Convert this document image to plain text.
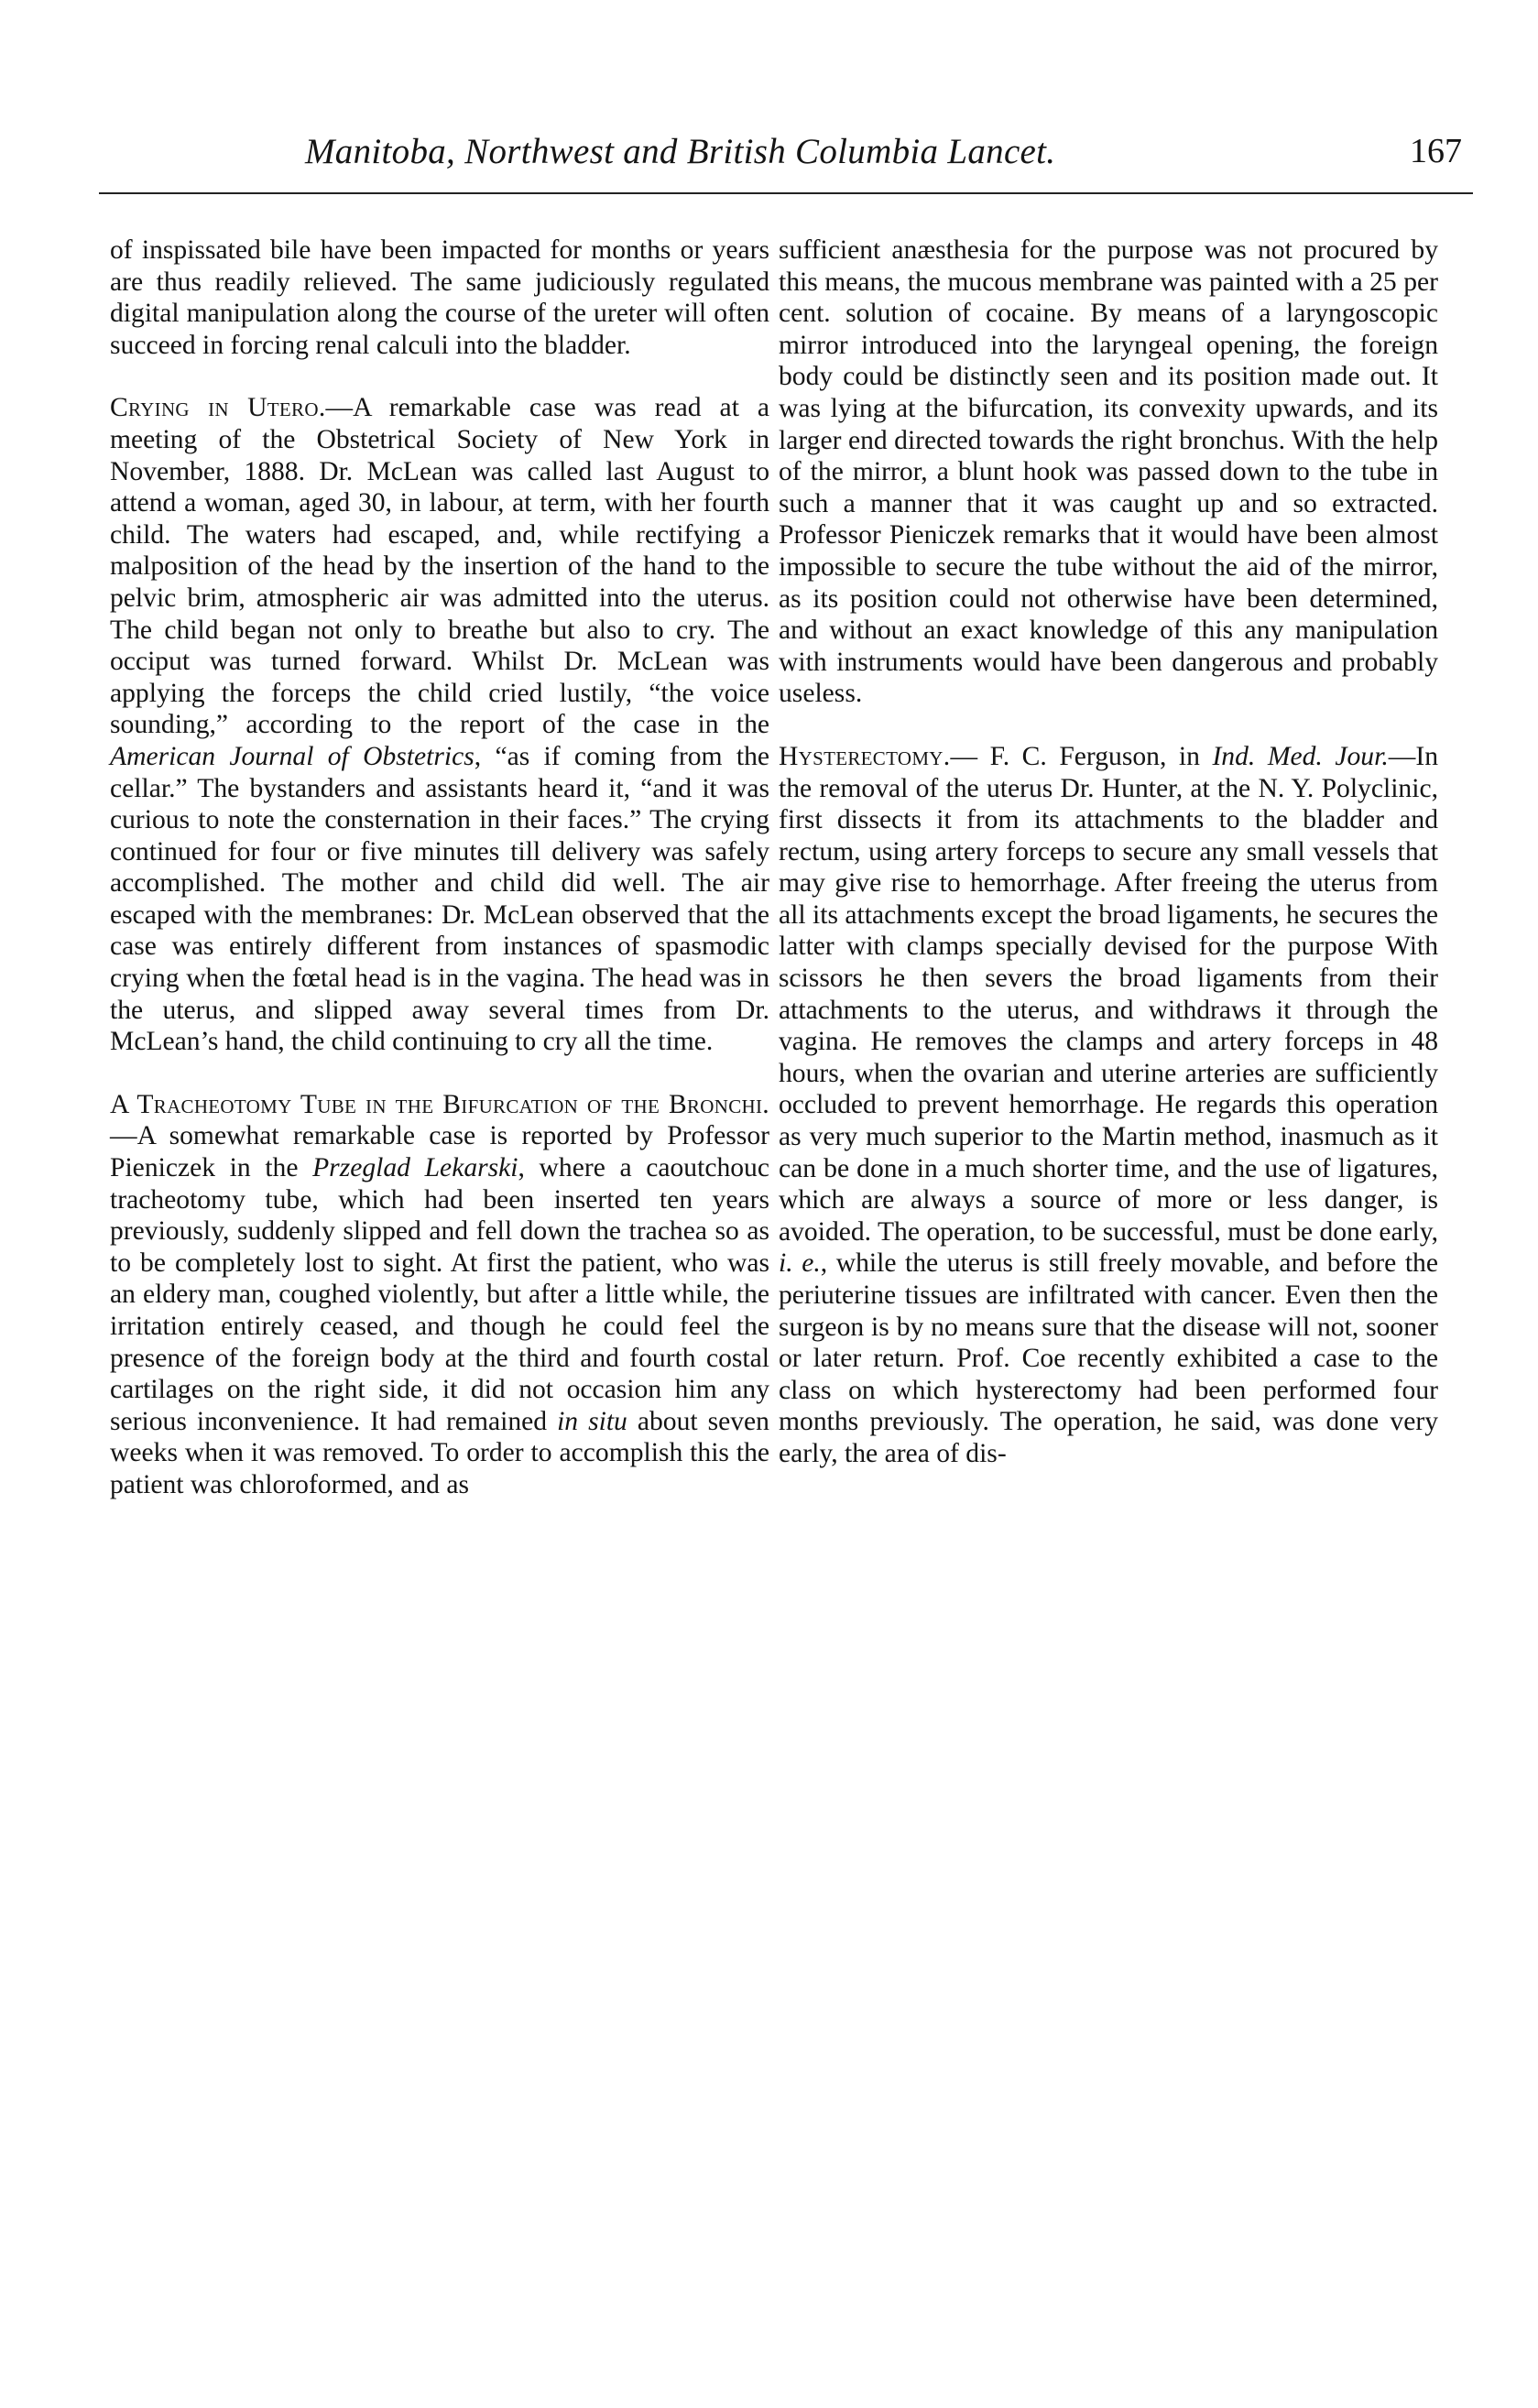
Manitoba, Northwest and British Columbia Lancet.	167

of inspissated bile have been impacted for months or years are thus readily relieved. The same judiciously regulated digital manipulation along the course of the ureter will often succeed in forcing renal calculi into the bladder.

Crying in Utero.—A remarkable case was read at a meeting of the Obstetrical Society of New York in November, 1888. Dr. McLean was called last August to attend a woman, aged 30, in labour, at term, with her fourth child. The waters had escaped, and, while rectifying a malposition of the head by the insertion of the hand to the pelvic brim, atmospheric air was admitted into the uterus. The child began not only to breathe but also to cry. The occiput was turned forward. Whilst Dr. McLean was applying the forceps the child cried lustily, “the voice sounding,” according to the report of the case in the American Journal of Obstetrics, “as if coming from the cellar.” The bystanders and assistants heard it, “and it was curious to note the consternation in their faces.” The crying continued for four or five minutes till delivery was safely accomplished. The mother and child did well. The air escaped with the membranes: Dr. McLean observed that the case was entirely different from instances of spasmodic crying when the fœtal head is in the vagina. The head was in the uterus, and slipped away several times from Dr. McLean’s hand, the child continuing to cry all the time.

A Tracheotomy Tube in the Bifurcation of the Bronchi.—A somewhat remarkable case is reported by Professor Pieniczek in the Przeglad Lekarski, where a caoutchouc tracheotomy tube, which had been inserted ten years previously, suddenly slipped and fell down the trachea so as to be completely lost to sight. At first the patient, who was an eldery man, coughed violently, but after a little while, the irritation entirely ceased, and though he could feel the presence of the foreign body at the third and fourth costal cartilages on the right side, it did not occasion him any serious inconvenience. It had remained in situ about seven weeks when it was removed. To order to accomplish this the patient was chloroformed, and as

sufficient anæsthesia for the purpose was not procured by this means, the mucous membrane was painted with a 25 per cent. solution of cocaine. By means of a laryngoscopic mirror introduced into the laryngeal opening, the foreign body could be distinctly seen and its position made out. It was lying at the bifurcation, its convexity upwards, and its larger end directed towards the right bronchus. With the help of the mirror, a blunt hook was passed down to the tube in such a manner that it was caught up and so extracted. Professor Pieniczek remarks that it would have been almost impossible to secure the tube without the aid of the mirror, as its position could not otherwise have been determined, and without an exact knowledge of this any manipulation with instruments would have been dangerous and probably useless.

Hysterectomy.— F. C. Ferguson, in Ind. Med. Jour.—In the removal of the uterus Dr. Hunter, at the N. Y. Polyclinic, first dissects it from its attachments to the bladder and rectum, using artery forceps to secure any small vessels that may give rise to hemorrhage. After freeing the uterus from all its attachments except the broad ligaments, he secures the latter with clamps specially devised for the purpose With scissors he then severs the broad ligaments from their attachments to the uterus, and withdraws it through the vagina. He removes the clamps and artery forceps in 48 hours, when the ovarian and uterine arteries are sufficiently occluded to prevent hemorrhage. He regards this operation as very much superior to the Martin method, inasmuch as it can be done in a much shorter time, and the use of ligatures, which are always a source of more or less danger, is avoided. The operation, to be successful, must be done early, i. e., while the uterus is still freely movable, and before the periuterine tissues are infiltrated with cancer. Even then the surgeon is by no means sure that the disease will not, sooner or later return. Prof. Coe recently exhibited a case to the class on which hysterectomy had been performed four months previously. The operation, he said, was done very early, the area of dis-
